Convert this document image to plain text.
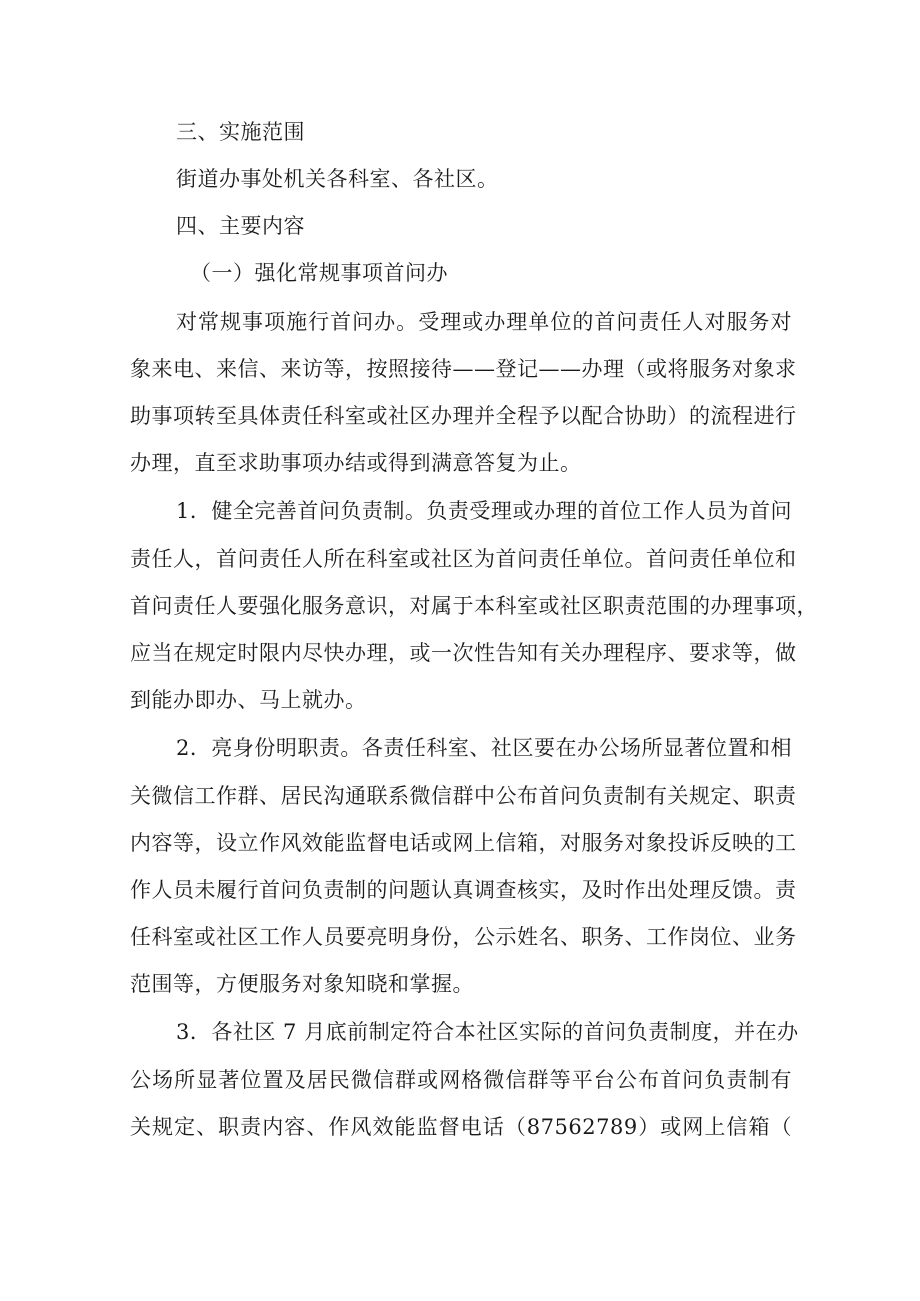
三、实施范围
街道办事处机关各科室、各社区。
四、主要内容
（一）强化常规事项首问办
对常规事项施行首问办。受理或办理单位的首问责任人对服务对
象来电、来信、来访等，按照接待——登记——办理（或将服务对象求
助事项转至具体责任科室或社区办理并全程予以配合协助）的流程进行
办理，直至求助事项办结或得到满意答复为止。
1．健全完善首问负责制。负责受理或办理的首位工作人员为首问
责任人，首问责任人所在科室或社区为首问责任单位。首问责任单位和
首问责任人要强化服务意识，对属于本科室或社区职责范围的办理事项，
应当在规定时限内尽快办理，或一次性告知有关办理程序、要求等，做
到能办即办、马上就办。
2．亮身份明职责。各责任科室、社区要在办公场所显著位置和相
关微信工作群、居民沟通联系微信群中公布首问负责制有关规定、职责
内容等，设立作风效能监督电话或网上信箱，对服务对象投诉反映的工
作人员未履行首问负责制的问题认真调查核实，及时作出处理反馈。责
任科室或社区工作人员要亮明身份，公示姓名、职务、工作岗位、业务
范围等，方便服务对象知晓和掌握。
3．各社区 7 月底前制定符合本社区实际的首问负责制度，并在办
公场所显著位置及居民微信群或网格微信群等平台公布首问负责制有
关规定、职责内容、作风效能监督电话（87562789）或网上信箱（
